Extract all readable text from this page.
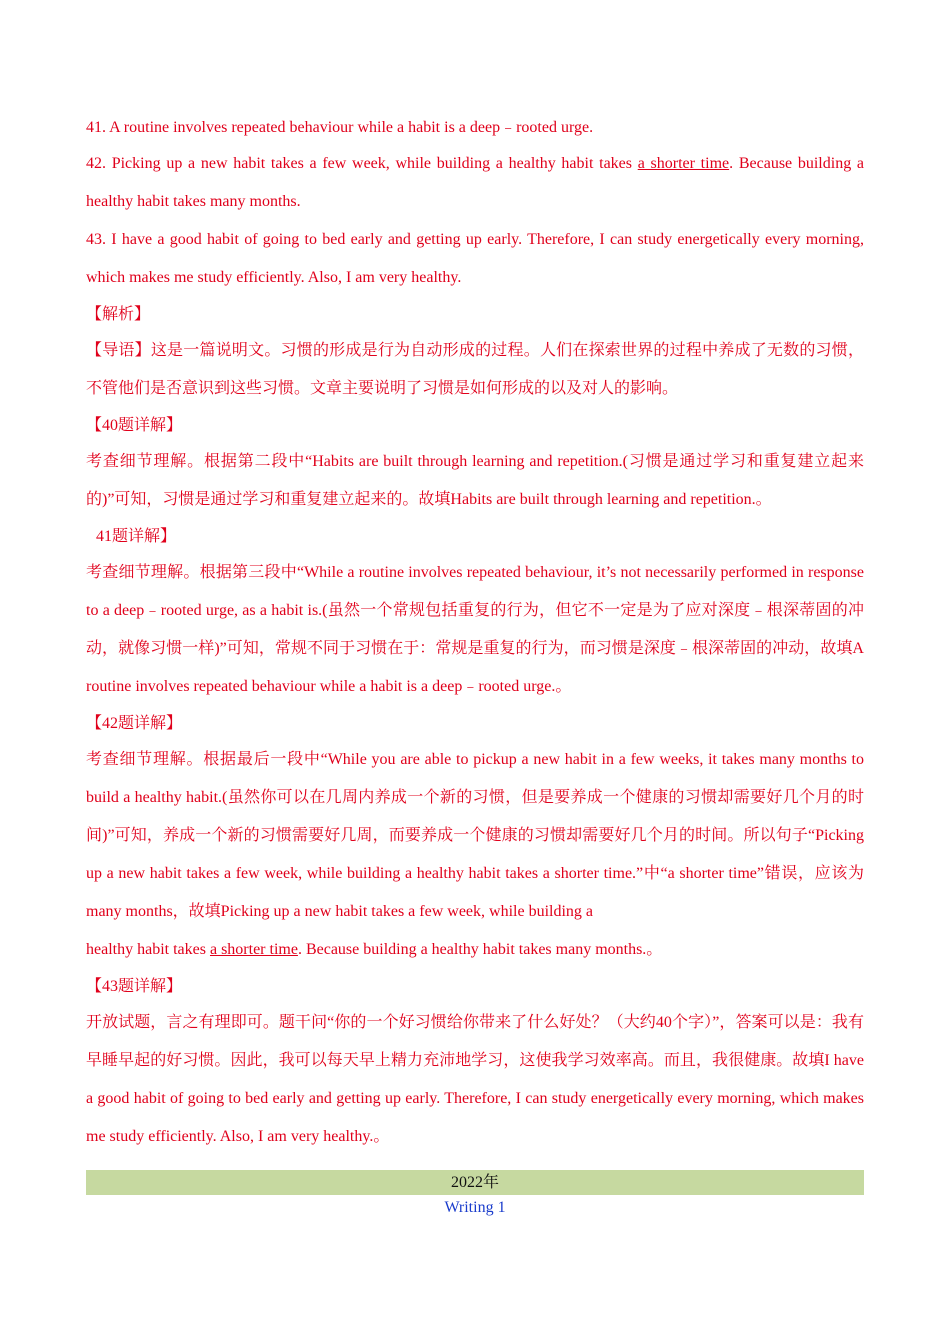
41. A routine involves repeated behaviour while a habit is a deep﹣rooted urge.

42. Picking up a new habit takes a few week, while building a healthy habit takes a shorter time. Because building a healthy habit takes many months.

43. I have a good habit of going to bed early and getting up early. Therefore, I can study energetically every morning, which makes me study efficiently. Also, I am very healthy.

【解析】

【导语】这是一篇说明文。习惯的形成是行为自动形成的过程。人们在探索世界的过程中养成了无数的习惯，不管他们是否意识到这些习惯。文章主要说明了习惯是如何形成的以及对人的影响。

【40题详解】

考查细节理解。根据第二段中“Habits are built through learning and repetition.(习惯是通过学习和重复建立起来的)”可知，习惯是通过学习和重复建立起来的。故填Habits are built through learning and repetition.。

41题详解】

考查细节理解。根据第三段中“While a routine involves repeated behaviour, it’s not necessarily performed in response to a deep﹣rooted urge, as a habit is.(虽然一个常规包括重复的行为，但它不一定是为了应对深度﹣根深蒂固的冲动，就像习惯一样)”可知，常规不同于习惯在于：常规是重复的行为，而习惯是深度﹣根深蒂固的冲动，故填A routine involves repeated behaviour while a habit is a deep﹣rooted urge.。

【42题详解】

考查细节理解。根据最后一段中“While you are able to pickup a new habit in a few weeks, it takes many months to build a healthy habit.(虽然你可以在几周内养成一个新的习惯，但是要养成一个健康的习惯却需要好几个月的时间)”可知，养成一个新的习惯需要好几周，而要养成一个健康的习惯却需要好几个月的时间。所以句子“Picking up a new habit takes a few week, while building a healthy habit takes a shorter time.”中“a shorter time”错误，应该为many months，故填Picking up a new habit takes a few week, while building a

healthy habit takes a shorter time. Because building a healthy habit takes many months.。

【43题详解】

开放试题，言之有理即可。题干问“你的一个好习惯给你带来了什么好处？（大约40个字）”，答案可以是：我有早睡早起的好习惯。因此，我可以每天早上精力充沛地学习，这使我学习效率高。而且，我很健康。故填I have a good habit of going to bed early and getting up early. Therefore, I can study energetically every morning, which makes me study efficiently. Also, I am very healthy.。

2022年
Writing 1
